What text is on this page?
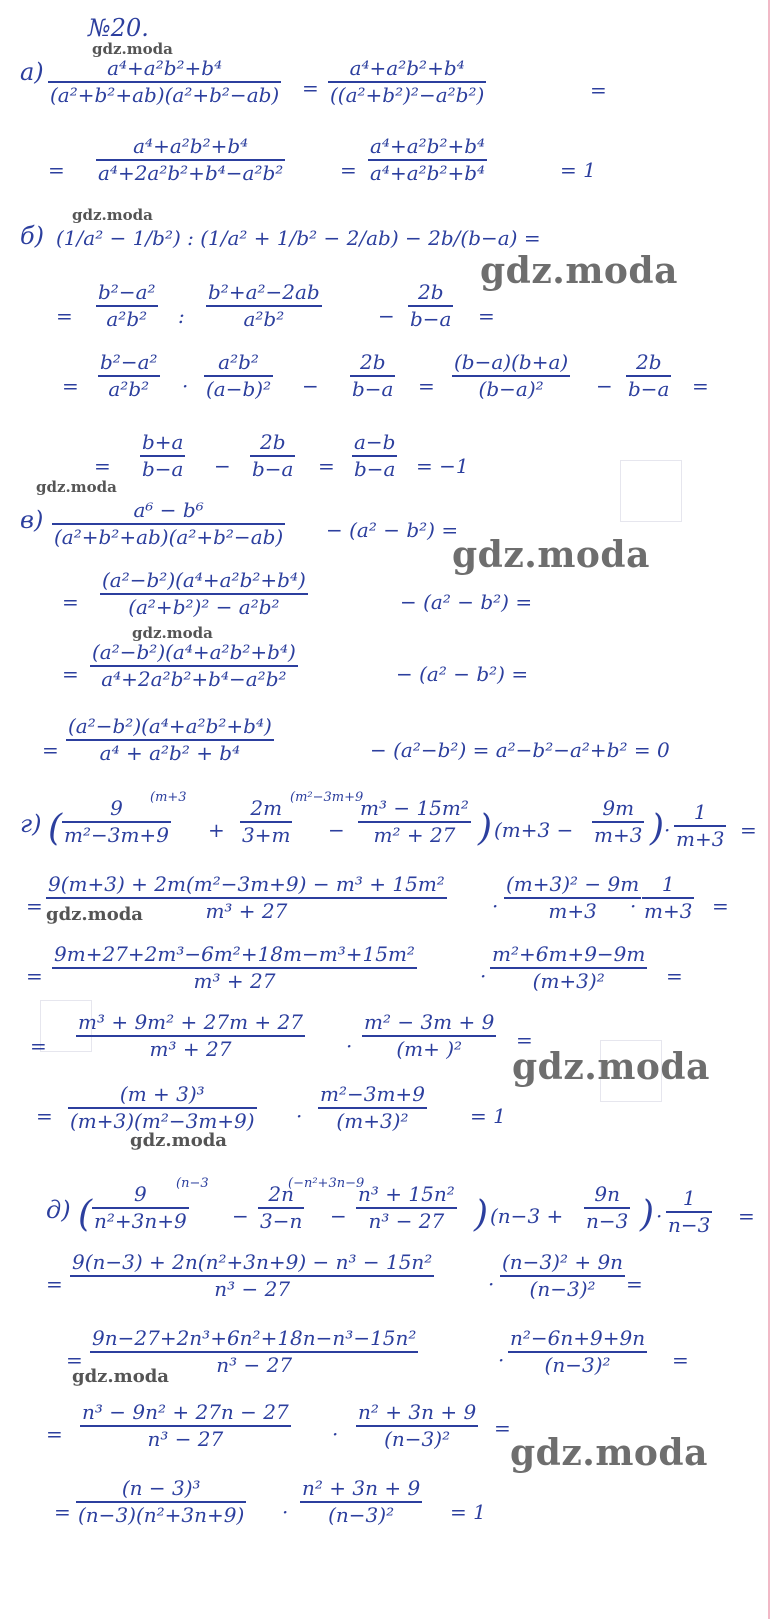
№20.
а)	a⁴+a²b²+b⁴
(a²+b²+ab)(a²+b²−ab) =
a⁴+a²b²+b⁴
((a²+b²)²−a²b²)	=
=
a⁴+a²b²+b⁴
a⁴+2a²b²+b⁴−a²b²	=
a⁴+a²b²+b⁴
a⁴+a²b²+b⁴	= 1
б) (1/a² − 1/b²) : (1/a² + 1/b² − 2/ab) − 2b/(b−a) =
=
b²−a²
a²b² :
b²+a²−2ab
a²b²	−
2b
b−a =
=
b²−a²
a²b² ·
a²b²
(a−b)² −
2b
b−a =
(b−a)(b+a)
(b−a)²	−
2b
b−a =
=
b+a
b−a −
2b
b−a =
a−b
b−a = −1
в)	a⁶ − b⁶
(a²+b²+ab)(a²+b²−ab) − (a² − b²) =
=
(a²−b²)(a⁴+a²b²+b⁴)
(a²+b²)² − a²b²	− (a² − b²) =
=
(a²−b²)(a⁴+a²b²+b⁴)
a⁴+2a²b²+b⁴−a²b²	− (a² − b²) =
=
(a²−b²)(a⁴+a²b²+b⁴)
a⁴ + a²b² + b⁴	− (a²−b²) = a²−b²−a²+b² = 0
г) (
(m+3
9
m²−3m+9 +
(m²−3m+9
2m
3+m −
m³ − 15m²
m² + 27 ) (m+3 −
9m
m+3 ) ·
1
m+3 =
=
9(m+3) + 2m(m²−3m+9) − m³ + 15m²
m³ + 27	·
(m+3)² − 9m
m+3 ·
1
m+3 =
=
9m+27+2m³−6m²+18m−m³+15m²
m³ + 27	·
m²+6m+9−9m
(m+3)²	=
=
m³ + 9m² + 27m + 27
m³ + 27	·
m² − 3m + 9
(m+ )²	=
=
(m + 3)³
(m+3)(m²−3m+9) ·
m²−3m+9
(m+3)²	= 1
д) (
(n−3
9
n²+3n+9 −
(−n²+3n−9
2n
3−n −
n³ + 15n²
n³ − 27 ) (n−3 +
9n
n−3 ) ·
1
n−3 =
=
9(n−3) + 2n(n²+3n+9) − n³ − 15n²
n³ − 27	·
(n−3)² + 9n
(n−3)² =
=
9n−27+2n³+6n²+18n−n³−15n²
n³ − 27	·
n²−6n+9+9n
(n−3)²	=
=
n³ − 9n² + 27n − 27
n³ − 27	·
n² + 3n + 9
(n−3)² =
=
(n − 3)³
(n−3)(n²+3n+9) ·
n² + 3n + 9
(n−3)²	= 1
gdz.moda
gdz.moda
gdz.moda
gdz.moda
gdz.moda
gdz.moda
gdz.moda
gdz.moda
gdz.moda
gdz.moda
gdz.moda
